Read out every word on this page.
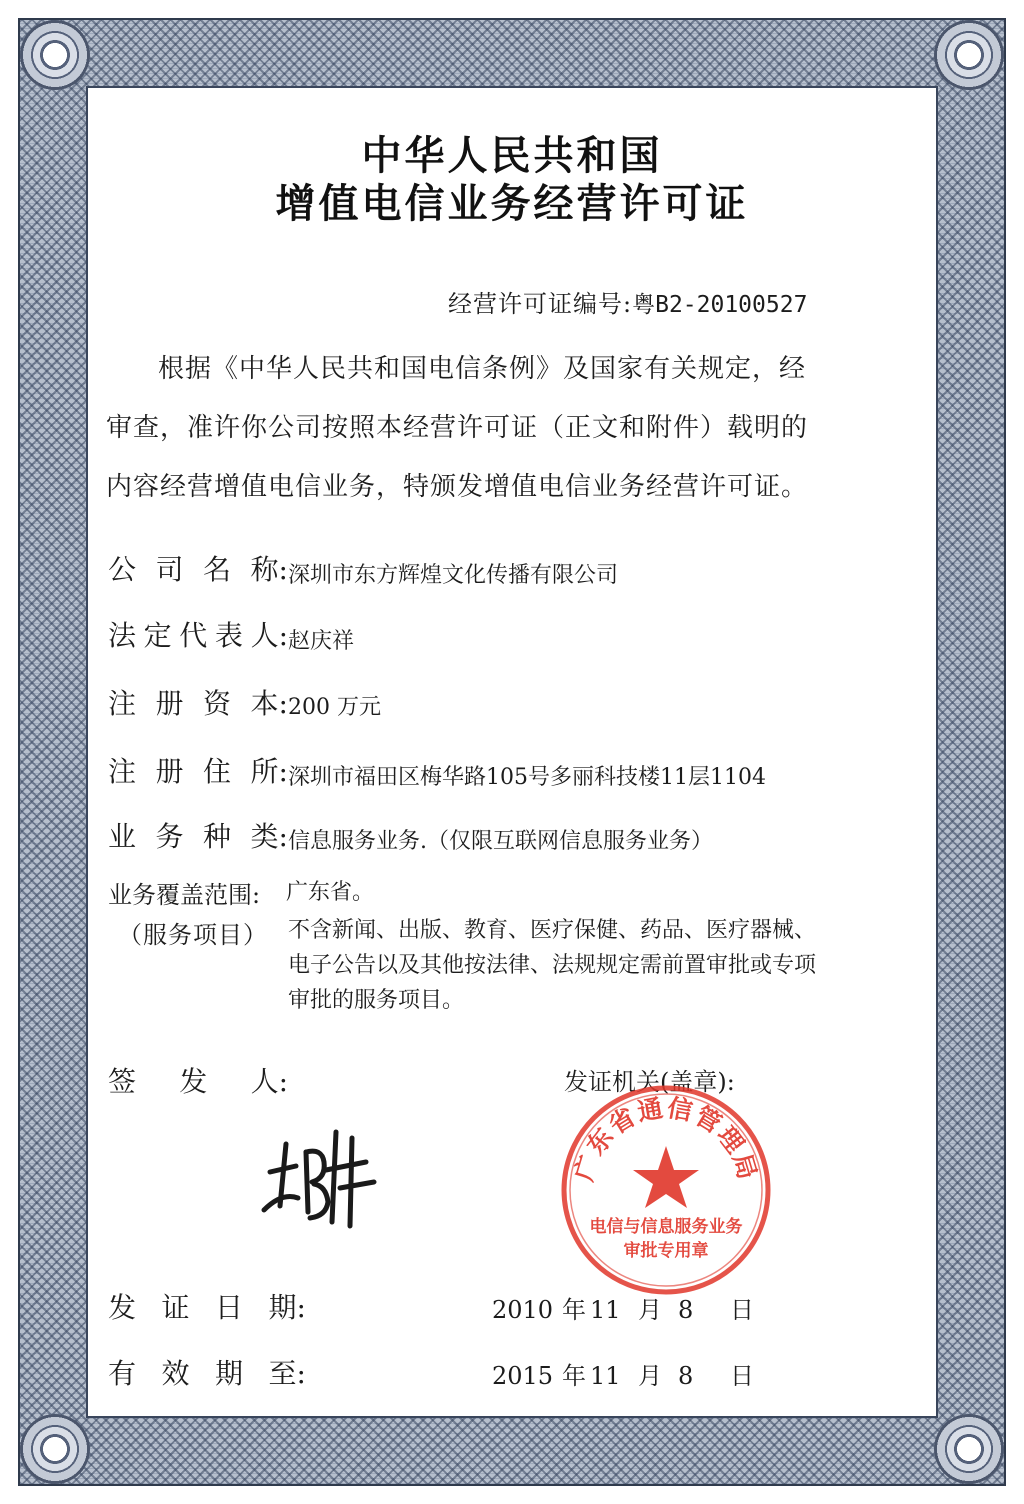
中华人民共和国
增值电信业务经营许可证
经营许可证编号:粤B2-20100527
根据《中华人民共和国电信条例》及国家有关规定，经
审查，准许你公司按照本经营许可证（正文和附件）载明的
内容经营增值电信业务，特颁发增值电信业务经营许可证。
公 司 名 称: 深圳市东方辉煌文化传播有限公司
法 定 代 表 人: 赵庆祥
注 册 资 本: 200 万元
注 册 住 所: 深圳市福田区梅华路105号多丽科技楼11层1104
业 务 种 类: 信息服务业务.（仅限互联网信息服务业务）
业务覆盖范围: 广东省。
（服务项目） 不含新闻、出版、教育、医疗保健、药品、医疗器械、
电子公告以及其他按法律、法规规定需前置审批或专项
审批的服务项目。
签 发 人:	发证机关(盖章):
广东省通信管理局
电信与信息服务业务
审批专用章
发 证 日 期:	2010 年 11 月 8	日
有 效 期 至:	2015 年 11 月 8	日
